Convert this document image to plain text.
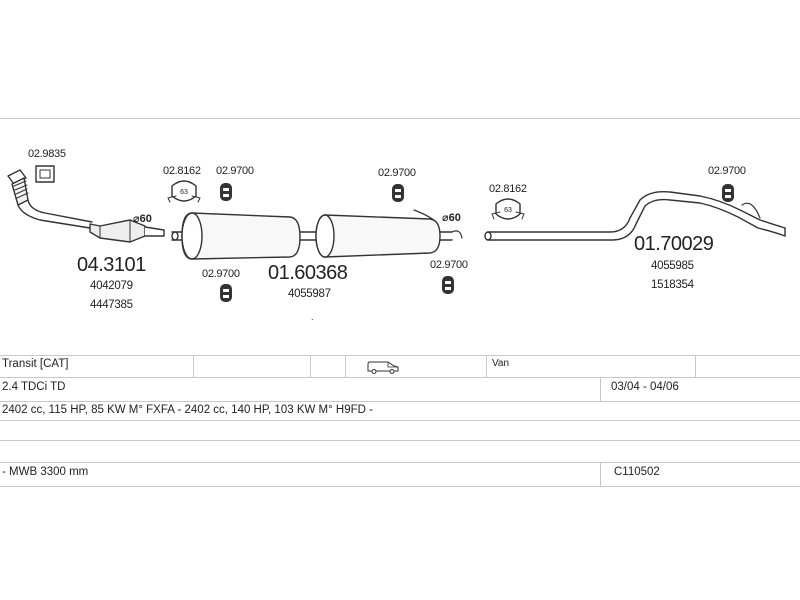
63
63
02.9835
02.8162 02.9700
02.9700
02.9700
02.9700
02.8162
02.9700
⌀60	⌀60
04.3101
4042079
4447385
01.60368
4055987
01.70029
4055985
1518354
.
Transit [CAT]	Van
2.4 TDCi TD	03/04 - 04/06
2402 cc, 115 HP, 85 KW M° FXFA - 2402 cc, 140 HP, 103 KW M° H9FD -
- MWB 3300 mm	C110502
